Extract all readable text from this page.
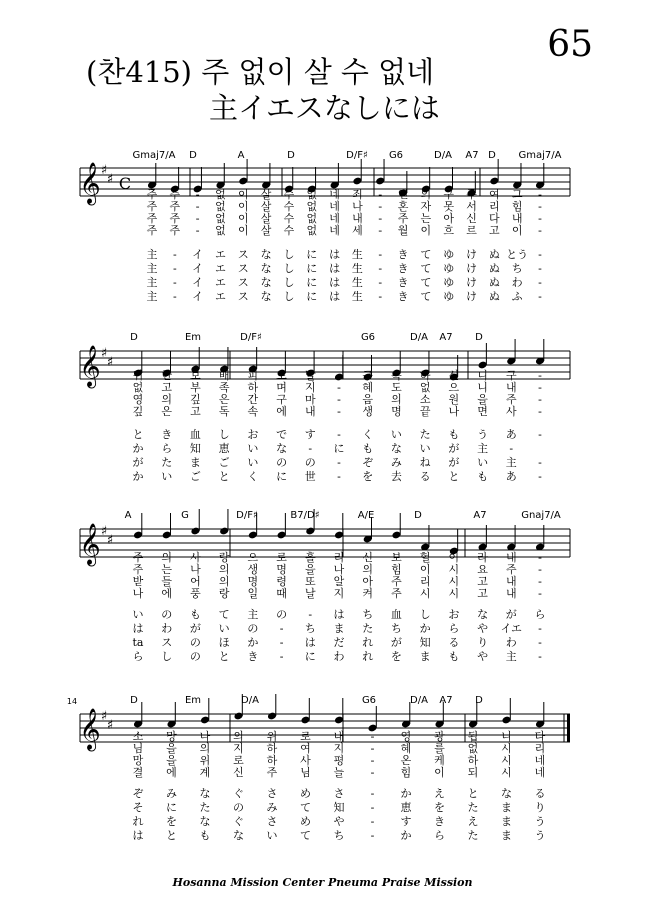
65
(찬415) 주 없이 살 수 없네
主イエスなしには
𝄞 ♯
♯ C
Gmaj7/A D	A	D	D/F♯ G6	D/A A7 D Gmaj7/A
주 주 - 없 이 살 수 없 네 죄 - 인 의 구 주 여 그 -
주 주 - 없 이 살 수 없 네 나 - 혼 자 못 서 리 힘 -
주 주 - 없 이 살 수 없 네 내 - 주 는 아 신 다 내 -
주 주 - 없 이 살 수 없 네 세 - 월 이 흐 르 고 이 -
主 - イ エ ス な し に は 生 - き て ゆ け ぬ とう -
主 - イ エ ス な し に は 生 - き て ゆ け ぬ ち -
主 - イ エ ス な し に は 生 - き て ゆ け ぬ わ -
主 - イ エ ス な し に は 生 - き て ゆ け ぬ ふ -
𝄞 ♯
♯
D	Em	D/F♯	G6	D/A A7 D
귀 한 보 배 피 로 날 - 구 속 하 신 니 구 -
없 고 부 족 하 며 지 - 혜 도 없 으 니 내 -
영 의 깊 은 간 구 마 - 음 의 소 원 을 주 -
깊 은 고 독 속 에 내 - 생 명 끝 나 면 사 -
と き 血 し お で す - く い た も う あ -
か ら 知 恵 い な - に も な い が 主 -
が た ま ご い の の - ぞ み ね が い 主 -
か い ご と く に 世 - を 去 る と も あ -
𝄞 ♯
♯
A	G	D/F♯	B7/D♯	A/E	D	A7	Gnaj7/A
주 의 사 랑 으 로 흘 리 신 보 혈 이 라 내 -
주 는 나 의 생 명 을 나 의 힘 이 시 요 주 -
받 들 어 의 명 령 또 알 아 주 리 시 고 내 -
나 에 풍 랑 일 때 날 지 켜 주 시 시 고 내 -
い の も て 主 の - は ち 血 し お な が ら
は わ が い の - ち ま た ち か ら や イエ -
ta ス の ほ か - は だ れ が 知 る り わ -
ら し の と き - に わ れ を ま も や 主 -
𝄞 ♯
♯
14	D	Em	D/A	G6	D/A A7 D
소 망 나 의 위 로 내 - 영 광 됩 니 다
님 을 의 지 하 여 지 - 혜 를 없 시 리
망 을 위 로 하 사 평 - 온 케 하 시 네
결 에 계 신 주 님 늘 - 힘 이 되 시 네
ぞ み な ぐ さ め さ - か え と な る
そ に た の み て 知 - 恵 を た ま り
れ を な ぐ さ め や - す き え ま う
は と も な い て ち - か ら た ま う
Hosanna Mission Center Pneuma Praise Mission
